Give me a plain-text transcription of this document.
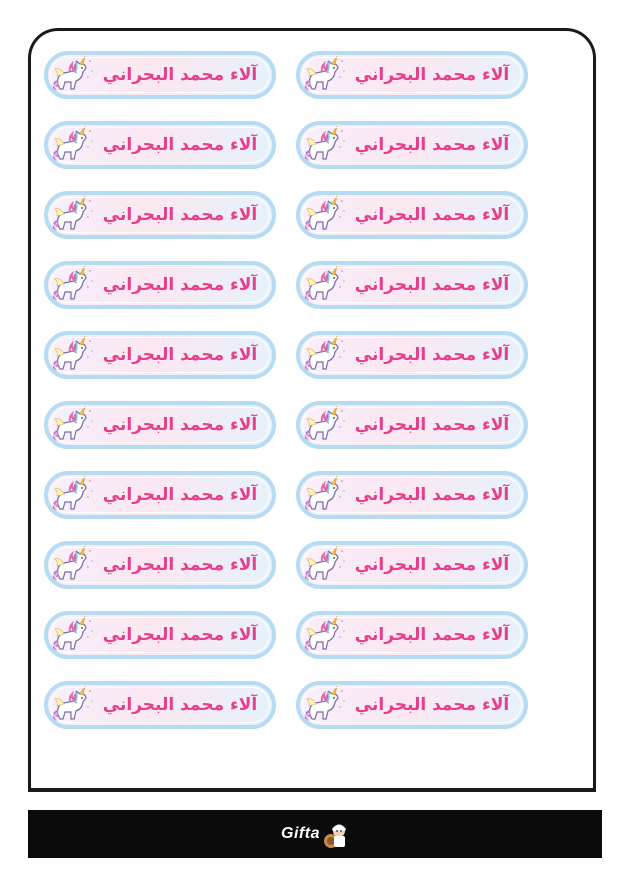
آلاء محمد البحراني	آلاء محمد البحراني
آلاء محمد البحراني	آلاء محمد البحراني
آلاء محمد البحراني	آلاء محمد البحراني
آلاء محمد البحراني	آلاء محمد البحراني
آلاء محمد البحراني	آلاء محمد البحراني
آلاء محمد البحراني	آلاء محمد البحراني
آلاء محمد البحراني	آلاء محمد البحراني
آلاء محمد البحراني	آلاء محمد البحراني
آلاء محمد البحراني	آلاء محمد البحراني
آلاء محمد البحراني	آلاء محمد البحراني
Gifta
